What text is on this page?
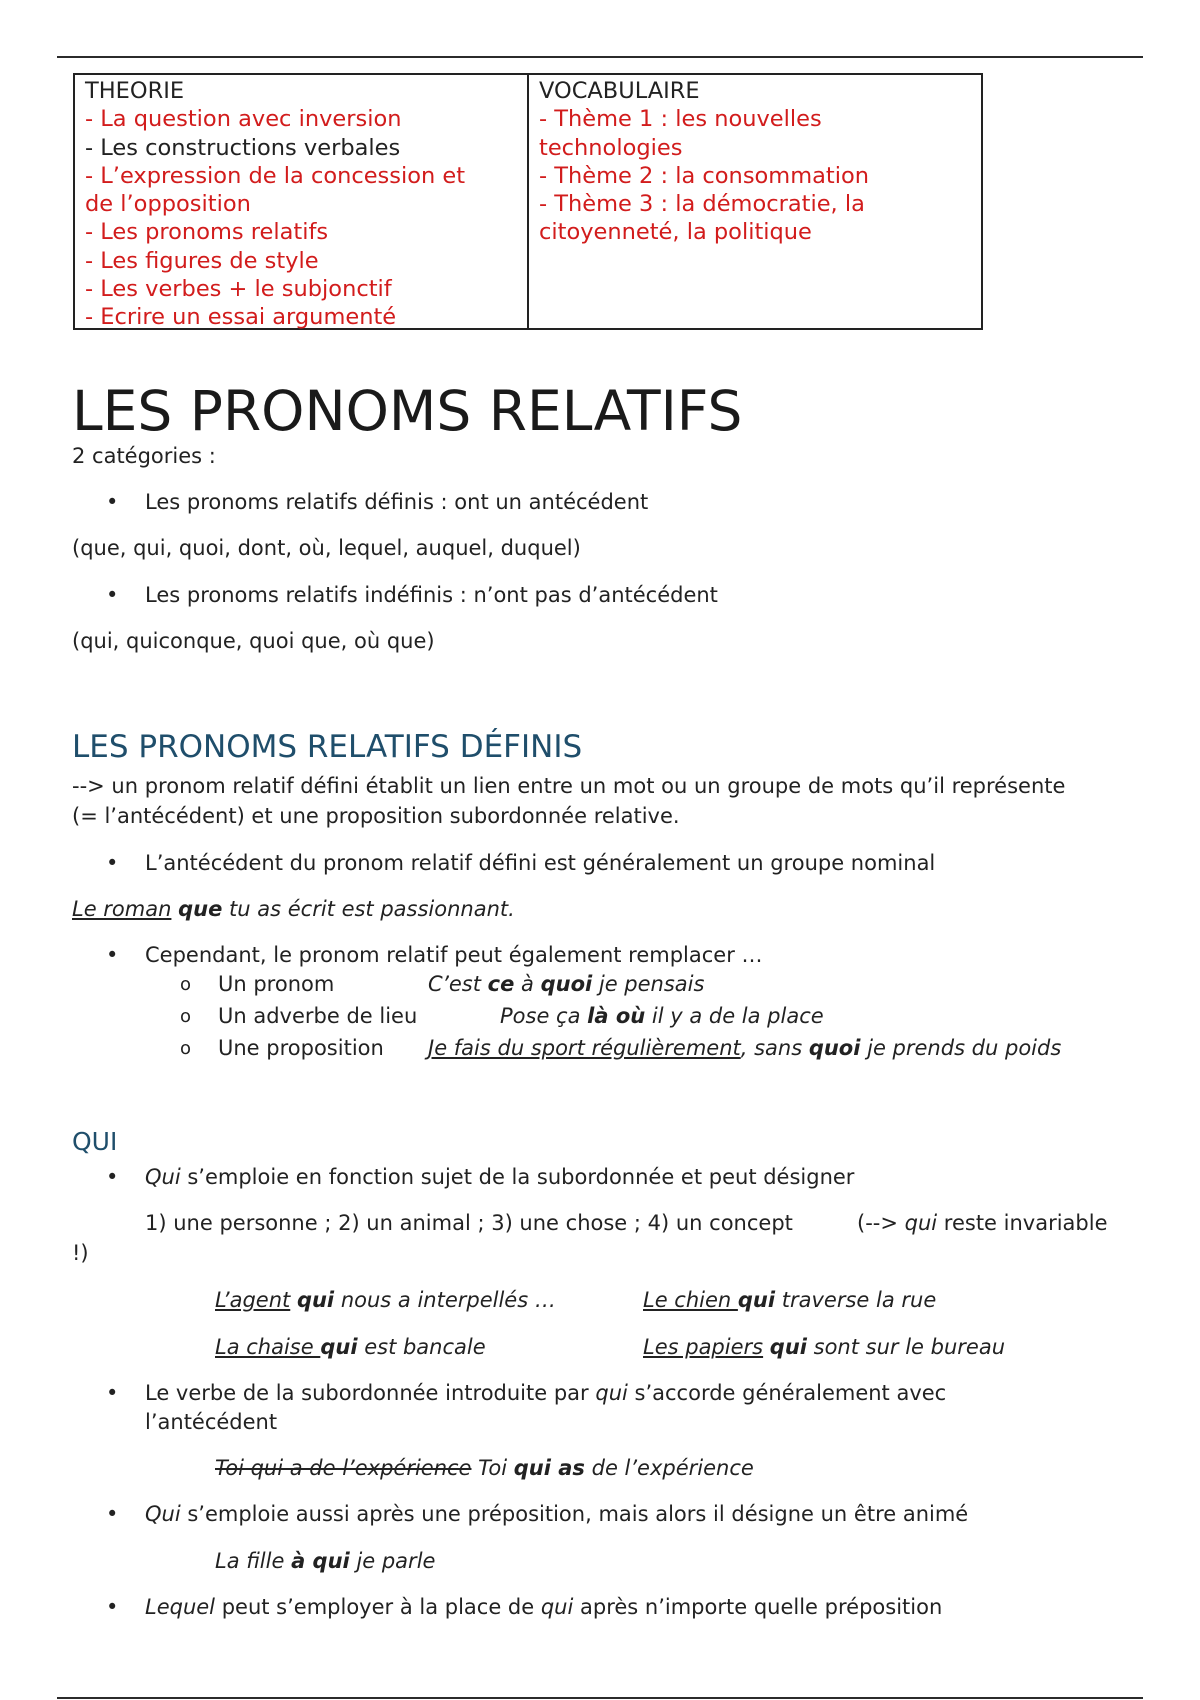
THEORIE
- La question avec inversion
- Les constructions verbales
- L’expression de la concession et
de l’opposition
- Les pronoms relatifs
- Les figures de style
- Les verbes + le subjonctif
- Ecrire un essai argumenté
VOCABULAIRE
- Thème 1 : les nouvelles
technologies
- Thème 2 : la consommation
- Thème 3 : la démocratie, la
citoyenneté, la politique
LES PRONOMS RELATIFS
2 catégories :
• Les pronoms relatifs définis : ont un antécédent
(que, qui, quoi, dont, où, lequel, auquel, duquel)
• Les pronoms relatifs indéfinis : n’ont pas d’antécédent
(qui, quiconque, quoi que, où que)
LES PRONOMS RELATIFS DÉFINIS
--> un pronom relatif défini établit un lien entre un mot ou un groupe de mots qu’il représente
(= l’antécédent) et une proposition subordonnée relative.
• L’antécédent du pronom relatif défini est généralement un groupe nominal
Le roman que tu as écrit est passionnant.
• Cependant, le pronom relatif peut également remplacer …
o Un pronom	C’est ce à quoi je pensais
o Un adverbe de lieu	Pose ça là où il y a de la place
o Une proposition Je fais du sport régulièrement, sans quoi je prends du poids
QUI
• Qui s’emploie en fonction sujet de la subordonnée et peut désigner
1) une personne ; 2) un animal ; 3) une chose ; 4) un concept	(--> qui reste invariable
!)
L’agent qui nous a interpellés …	Le chien qui traverse la rue
La chaise qui est bancale	Les papiers qui sont sur le bureau
• Le verbe de la subordonnée introduite par qui s’accorde généralement avec
l’antécédent
Toi qui a de l’expérience Toi qui as de l’expérience
• Qui s’emploie aussi après une préposition, mais alors il désigne un être animé
La fille à qui je parle
• Lequel peut s’employer à la place de qui après n’importe quelle préposition
